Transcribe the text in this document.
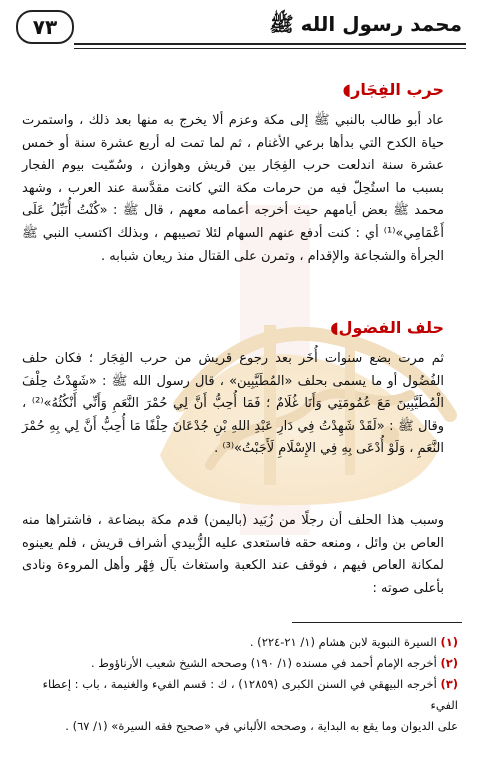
٧٣	محمد رسول الله ﷺ
حرب الفِجَار◖
عاد أبو طالب بالنبي ﷺ إلى مكة وعزم ألا يخرج به منها بعد ذلك ، واستمرت حياة الكدح التي بدأها برعي الأغنام ، ثم لما تمت له أربع عشرة سنة أو خمس عشرة سنة اندلعت حرب الفِجَار بين قريش وهوازن ، وسُمّيت بيوم الفجار بسبب ما استُحِلّ فيه من حرمات مكة التي كانت مقدَّسة عند العرب ، وشهد محمد ﷺ بعض أيامهم حيث أخرجه أعمامه معهم ، قال ﷺ : «كُنْتُ أُنَبِّلُ عَلَى أَعْمَامِي»⁽¹⁾ أي : كنت أدفع عنهم السهام لئلا تصيبهم ، وبذلك اكتسب النبي ﷺ الجرأة والشجاعة والإقدام ، وتمرن على القتال منذ ريعان شبابه .
حلف الفضول◖
ثم مرت بضع سنوات أُخَر بعد رجوع قريش من حرب الفِجَار ؛ فكان حلف الفُضُول أو ما يسمى بحلف «المُطَيَّبِين» ، قال رسول الله ﷺ : «شَهِدْتُ حِلْفَ الْمُطَيَّبِينَ مَعَ عُمُومَتِي وَأَنَا غُلَامٌ ؛ فَمَا أُحِبُّ أَنَّ لِي حُمْرَ النَّعَمِ وَأَنِّي أَنْكُثُهُ»⁽²⁾ ، وقال ﷺ : «لَقَدْ شَهِدْتُ فِي دَارِ عَبْدِ اللهِ بْنِ جُدْعَانَ حِلْفًا مَا أُحِبُّ أَنَّ لِي بِهِ حُمْرَ النَّعَمِ ، وَلَوْ أُدْعَى بِهِ فِي الإِسْلَامِ لَأَجَبْتُ»⁽³⁾ .
وسبب هذا الحلف أن رجلًا من زُبَيد (باليمن) قدم مكة ببضاعة ، فاشتراها منه العاص بن وائل ، ومنعه حقه فاستعدى عليه الزُّبيدي أشراف قريش ، فلم يعينوه لمكانة العاص فيهم ، فوقف عند الكعبة واستغاث بآل فِهْر وأهل المروءة ونادى بأعلى صوته :
(١) السيرة النبوية لابن هشام (١/ ٢١-٢٢٤) .
(٢) أخرجه الإمام أحمد في مسنده (١/ ١٩٠) وصححه الشيخ شعيب الأرناؤوط .
(٣) أخرجه البيهقي في السنن الكبرى (١٢٨٥٩) ، ك : قسم الفيء والغنيمة ، باب : إعطاء الفيء
على الديوان وما يقع به البداية ، وصححه الألباني في «صحيح فقه السيرة» (١/ ٦٧) .
